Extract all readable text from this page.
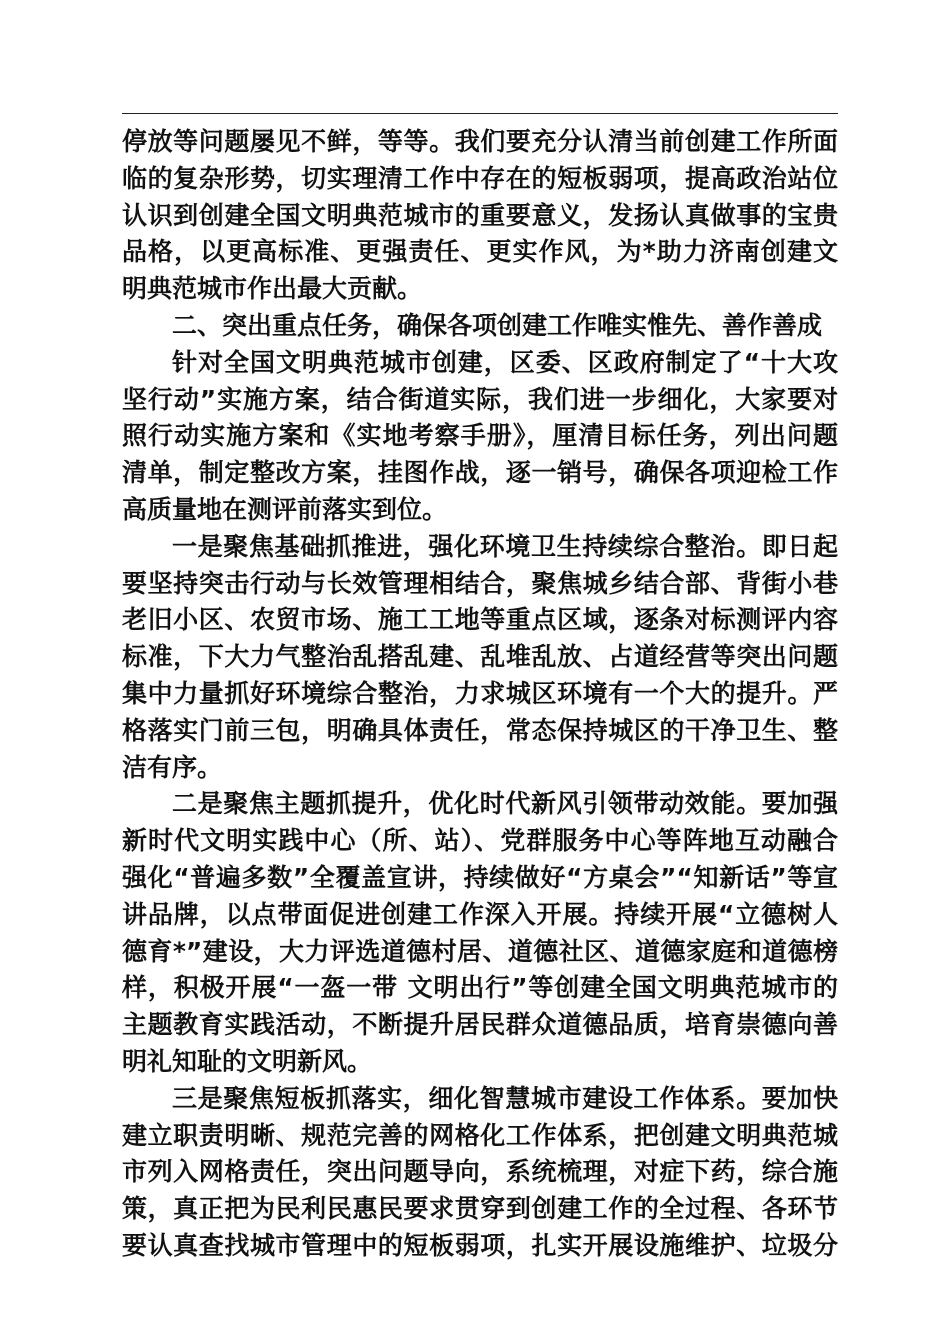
停放等问题屡见不鲜，等等。我们要充分认清当前创建工作所面
临的复杂形势，切实理清工作中存在的短板弱项，提高政治站位
认识到创建全国文明典范城市的重要意义，发扬认真做事的宝贵
品格，以更高标准、更强责任、更实作风，为*助力济南创建文
明典范城市作出最大贡献。
二、突出重点任务，确保各项创建工作唯实惟先、善作善成
针对全国文明典范城市创建，区委、区政府制定了“十大攻
坚行动”实施方案，结合街道实际，我们进一步细化，大家要对
照行动实施方案和《实地考察手册》，厘清目标任务，列出问题
清单，制定整改方案，挂图作战，逐一销号，确保各项迎检工作
高质量地在测评前落实到位。
一是聚焦基础抓推进，强化环境卫生持续综合整治。即日起
要坚持突击行动与长效管理相结合，聚焦城乡结合部、背街小巷
老旧小区、农贸市场、施工工地等重点区域，逐条对标测评内容
标准，下大力气整治乱搭乱建、乱堆乱放、占道经营等突出问题
集中力量抓好环境综合整治，力求城区环境有一个大的提升。严
格落实门前三包，明确具体责任，常态保持城区的干净卫生、整
洁有序。
二是聚焦主题抓提升，优化时代新风引领带动效能。要加强
新时代文明实践中心（所、站）、党群服务中心等阵地互动融合
强化“普遍多数”全覆盖宣讲，持续做好“方桌会”“知新话”等宣
讲品牌，以点带面促进创建工作深入开展。持续开展“立德树人
德育*”建设，大力评选道德村居、道德社区、道德家庭和道德榜
样，积极开展“一盔一带 文明出行”等创建全国文明典范城市的
主题教育实践活动，不断提升居民群众道德品质，培育崇德向善
明礼知耻的文明新风。
三是聚焦短板抓落实，细化智慧城市建设工作体系。要加快
建立职责明晰、规范完善的网格化工作体系，把创建文明典范城
市列入网格责任，突出问题导向，系统梳理，对症下药，综合施
策，真正把为民利民惠民要求贯穿到创建工作的全过程、各环节
要认真查找城市管理中的短板弱项，扎实开展设施维护、垃圾分
